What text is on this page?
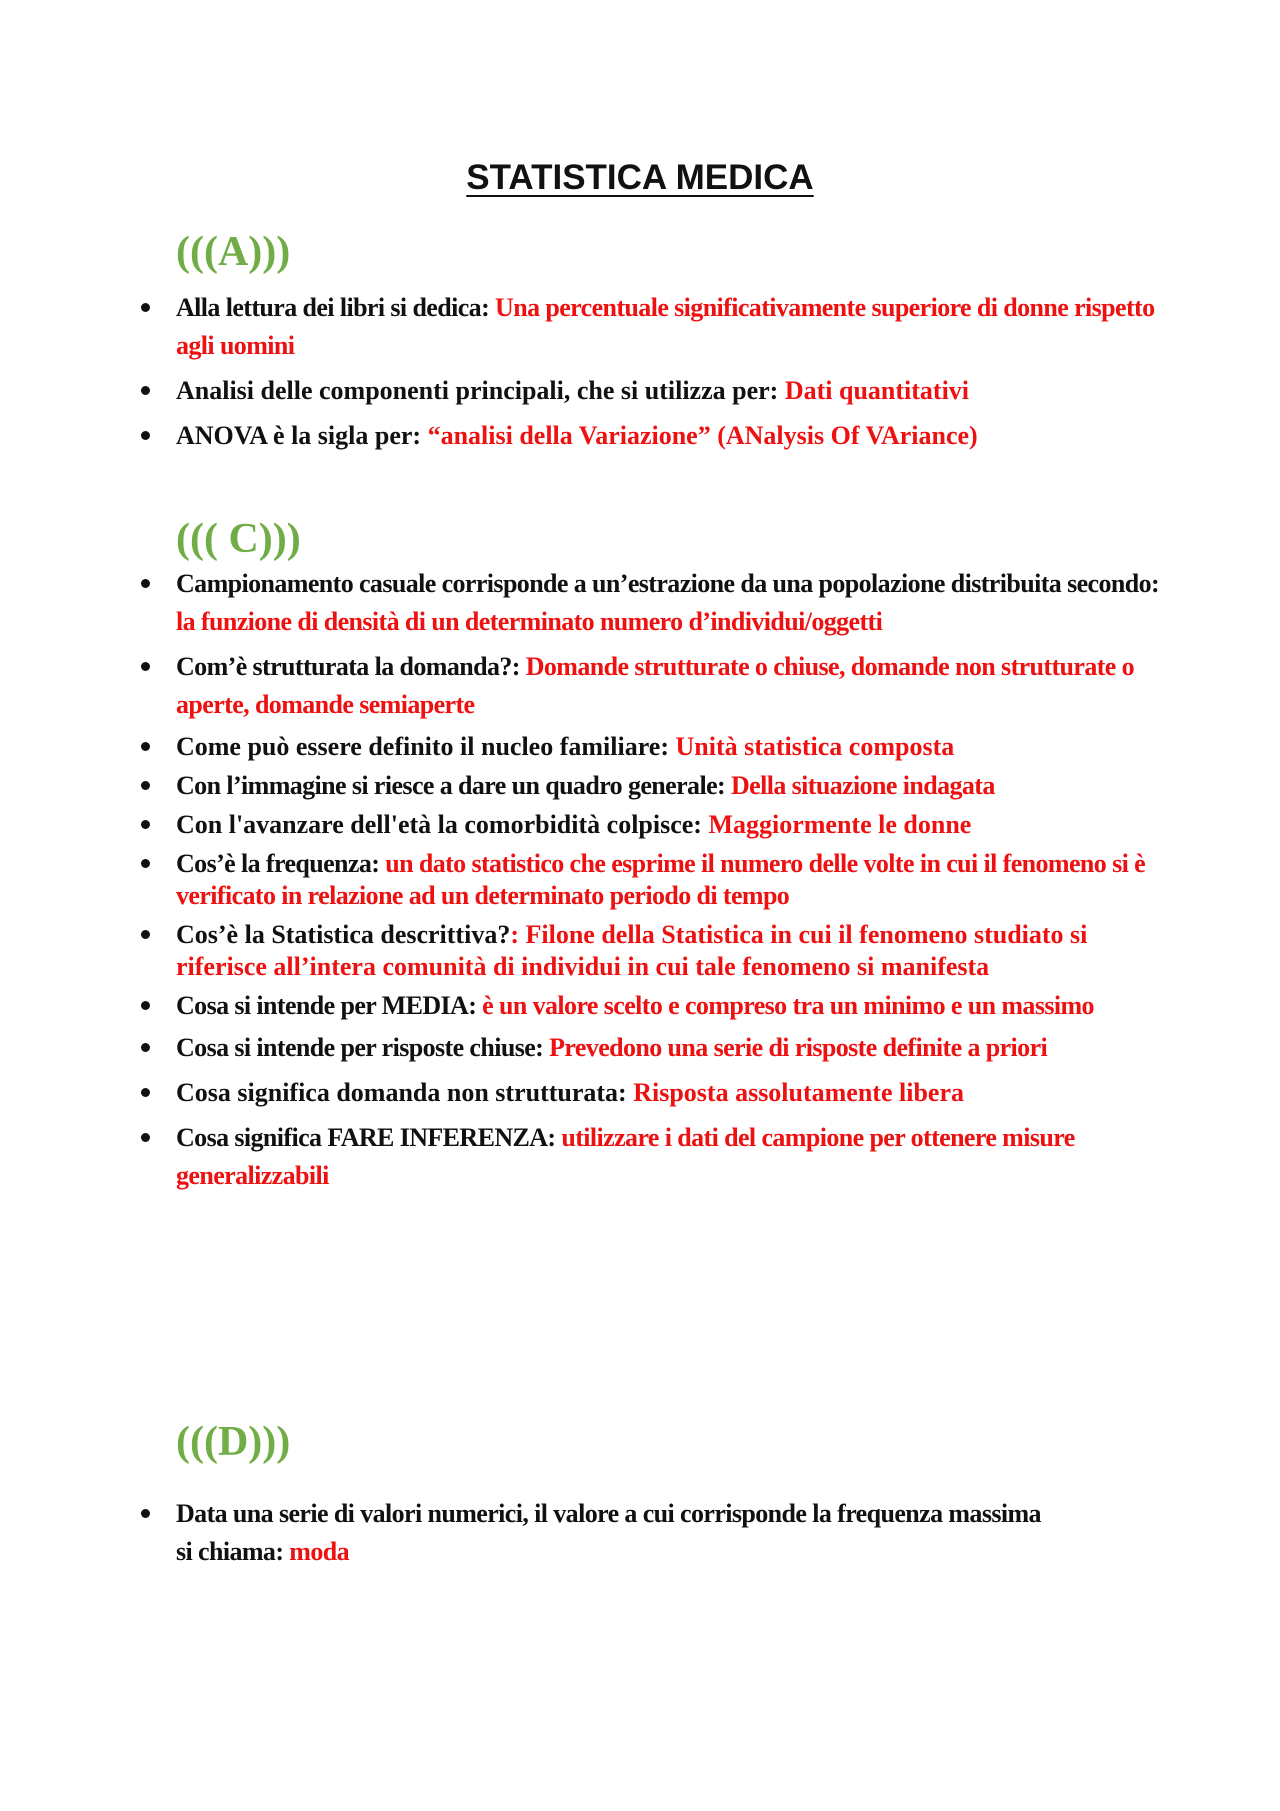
STATISTICA MEDICA
(((A)))
Alla lettura dei libri si dedica: Una percentuale significativamente superiore di donne rispetto agli uomini
Analisi delle componenti principali, che si utilizza per: Dati quantitativi
ANOVA è la sigla per: “analisi della Variazione” (ANalysis Of VAriance)
((( C)))
Campionamento casuale corrisponde a un’estrazione da una popolazione distribuita secondo: la funzione di densità di un determinato numero d’individui/oggetti
Com’è strutturata la domanda?: Domande strutturate o chiuse, domande non strutturate o aperte, domande semiaperte
Come può essere definito il nucleo familiare: Unità statistica composta
Con l’immagine si riesce a dare un quadro generale: Della situazione indagata
Con l'avanzare dell'età la comorbidità colpisce: Maggiormente le donne
Cos’è la frequenza: un dato statistico che esprime il numero delle volte in cui il fenomeno si è verificato in relazione ad un determinato periodo di tempo
Cos’è la Statistica descrittiva?: Filone della Statistica in cui il fenomeno studiato si riferisce all’intera comunità di individui in cui tale fenomeno si manifesta
Cosa si intende per MEDIA: è un valore scelto e compreso tra un minimo e un massimo
Cosa si intende per risposte chiuse: Prevedono una serie di risposte definite a priori
Cosa significa domanda non strutturata: Risposta assolutamente libera
Cosa significa FARE INFERENZA: utilizzare i dati del campione per ottenere misure generalizzabili
(((D)))
Data una serie di valori numerici, il valore a cui corrisponde la frequenza massima si chiama: moda
